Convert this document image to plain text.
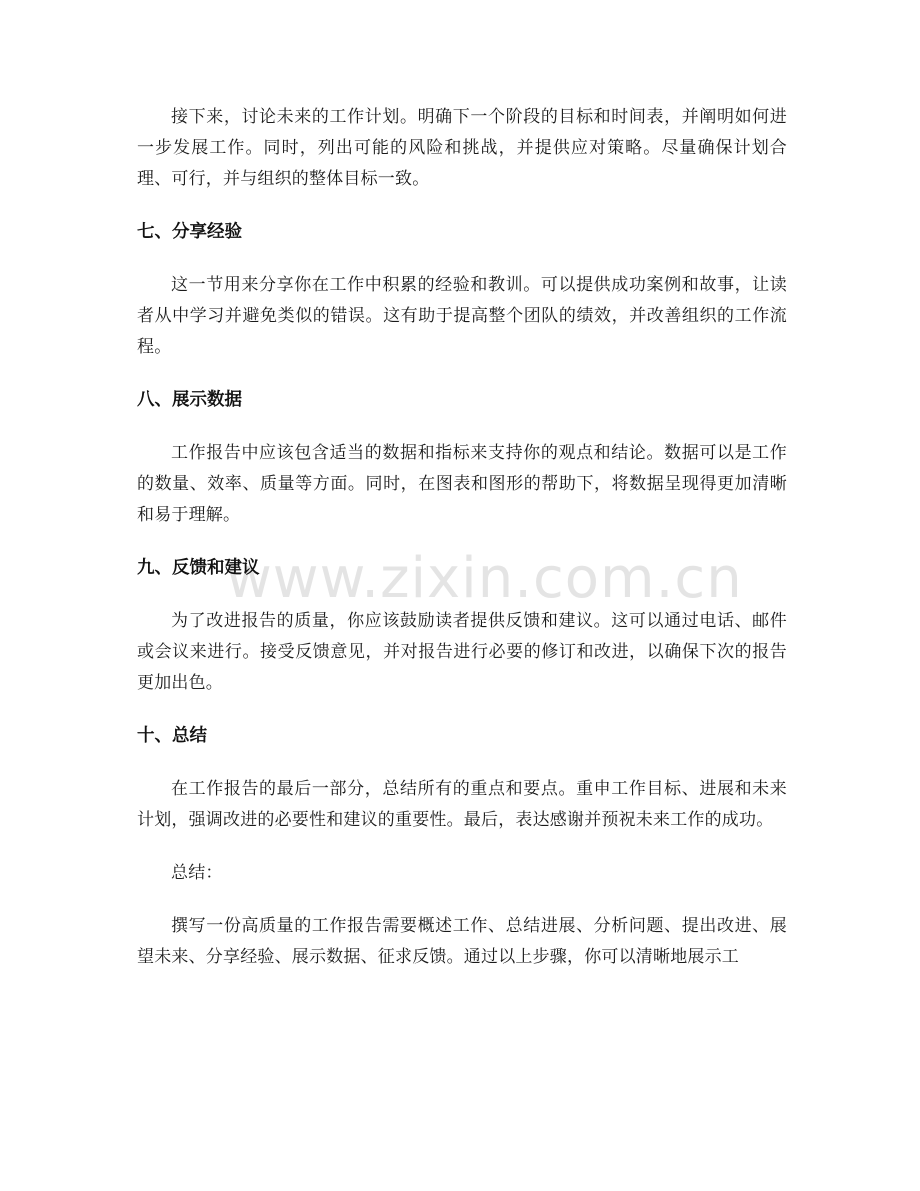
www.zixin.com.cn

接下来，讨论未来的工作计划。明确下一个阶段的目标和时间表，并阐明如何进一步发展工作。同时，列出可能的风险和挑战，并提供应对策略。尽量确保计划合理、可行，并与组织的整体目标一致。

七、分享经验

这一节用来分享你在工作中积累的经验和教训。可以提供成功案例和故事，让读者从中学习并避免类似的错误。这有助于提高整个团队的绩效，并改善组织的工作流程。

八、展示数据

工作报告中应该包含适当的数据和指标来支持你的观点和结论。数据可以是工作的数量、效率、质量等方面。同时，在图表和图形的帮助下，将数据呈现得更加清晰和易于理解。

九、反馈和建议

为了改进报告的质量，你应该鼓励读者提供反馈和建议。这可以通过电话、邮件或会议来进行。接受反馈意见，并对报告进行必要的修订和改进，以确保下次的报告更加出色。

十、总结

在工作报告的最后一部分，总结所有的重点和要点。重申工作目标、进展和未来计划，强调改进的必要性和建议的重要性。最后，表达感谢并预祝未来工作的成功。

总结：

撰写一份高质量的工作报告需要概述工作、总结进展、分析问题、提出改进、展望未来、分享经验、展示数据、征求反馈。通过以上步骤，你可以清晰地展示工
